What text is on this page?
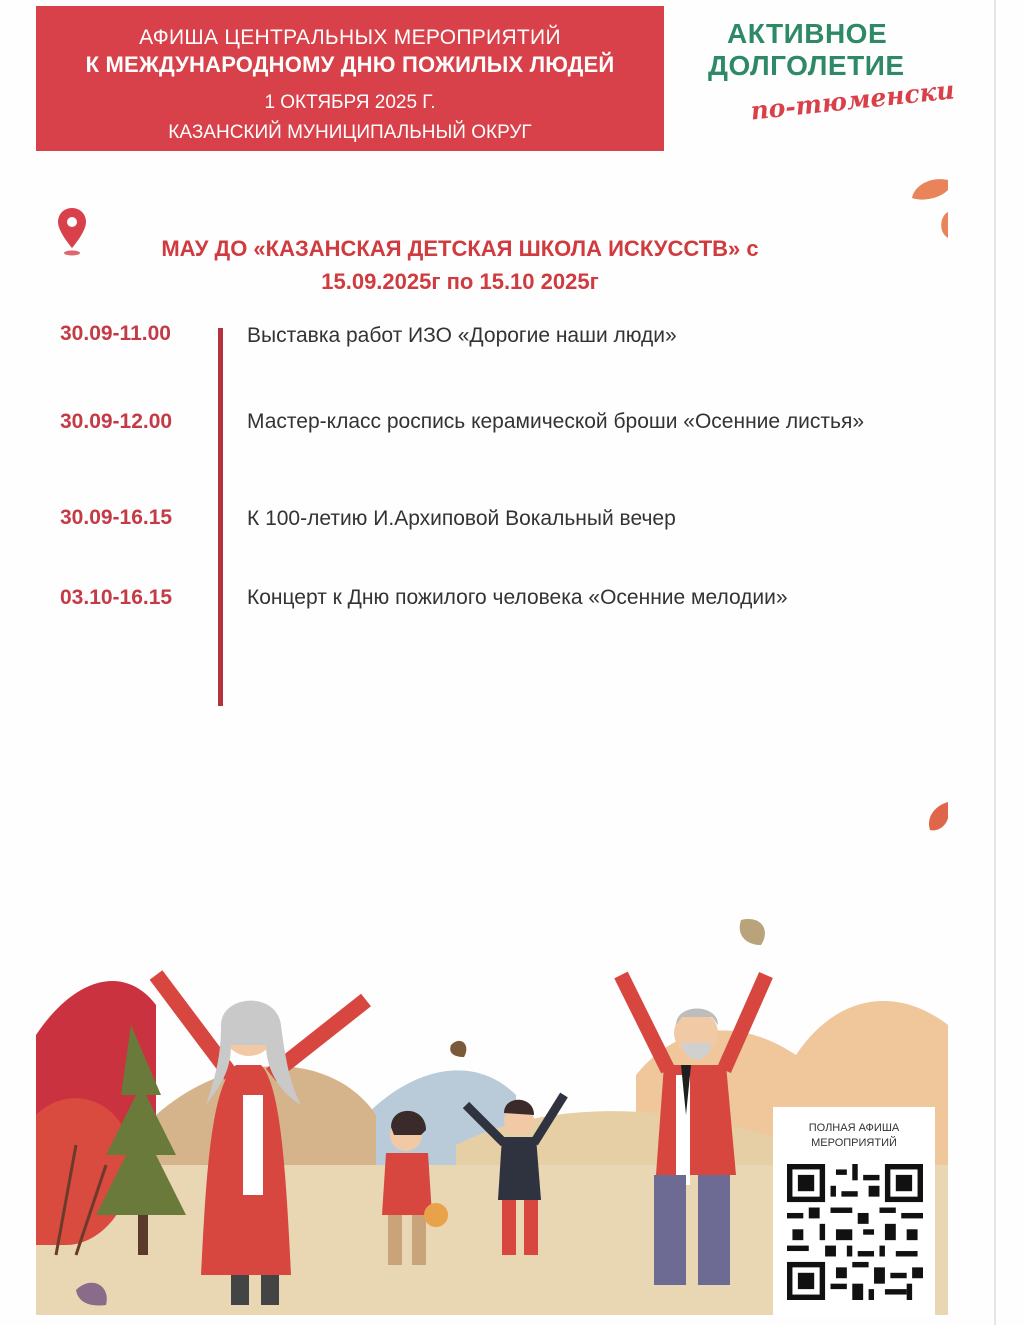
АФИША ЦЕНТРАЛЬНЫХ МЕРОПРИЯТИЙ
К МЕЖДУНАРОДНОМУ ДНЮ ПОЖИЛЫХ ЛЮДЕЙ
1 ОКТЯБРЯ 2025 Г.
КАЗАНСКИЙ МУНИЦИПАЛЬНЫЙ ОКРУГ
АКТИВНОЕ
ДОЛГОЛЕТИЕ
по-тюменски
МАУ ДО «КАЗАНСКАЯ ДЕТСКАЯ ШКОЛА ИСКУССТВ» с
15.09.2025г по 15.10 2025г
30.09-11.00	Выставка работ ИЗО «Дорогие наши люди»
30.09-12.00	Мастер-класс роспись керамической броши «Осенние листья»
30.09-16.15	К 100-летию И.Архиповой Вокальный вечер
03.10-16.15	Концерт к Дню пожилого человека «Осенние мелодии»
ПОЛНАЯ АФИША
МЕРОПРИЯТИЙ
